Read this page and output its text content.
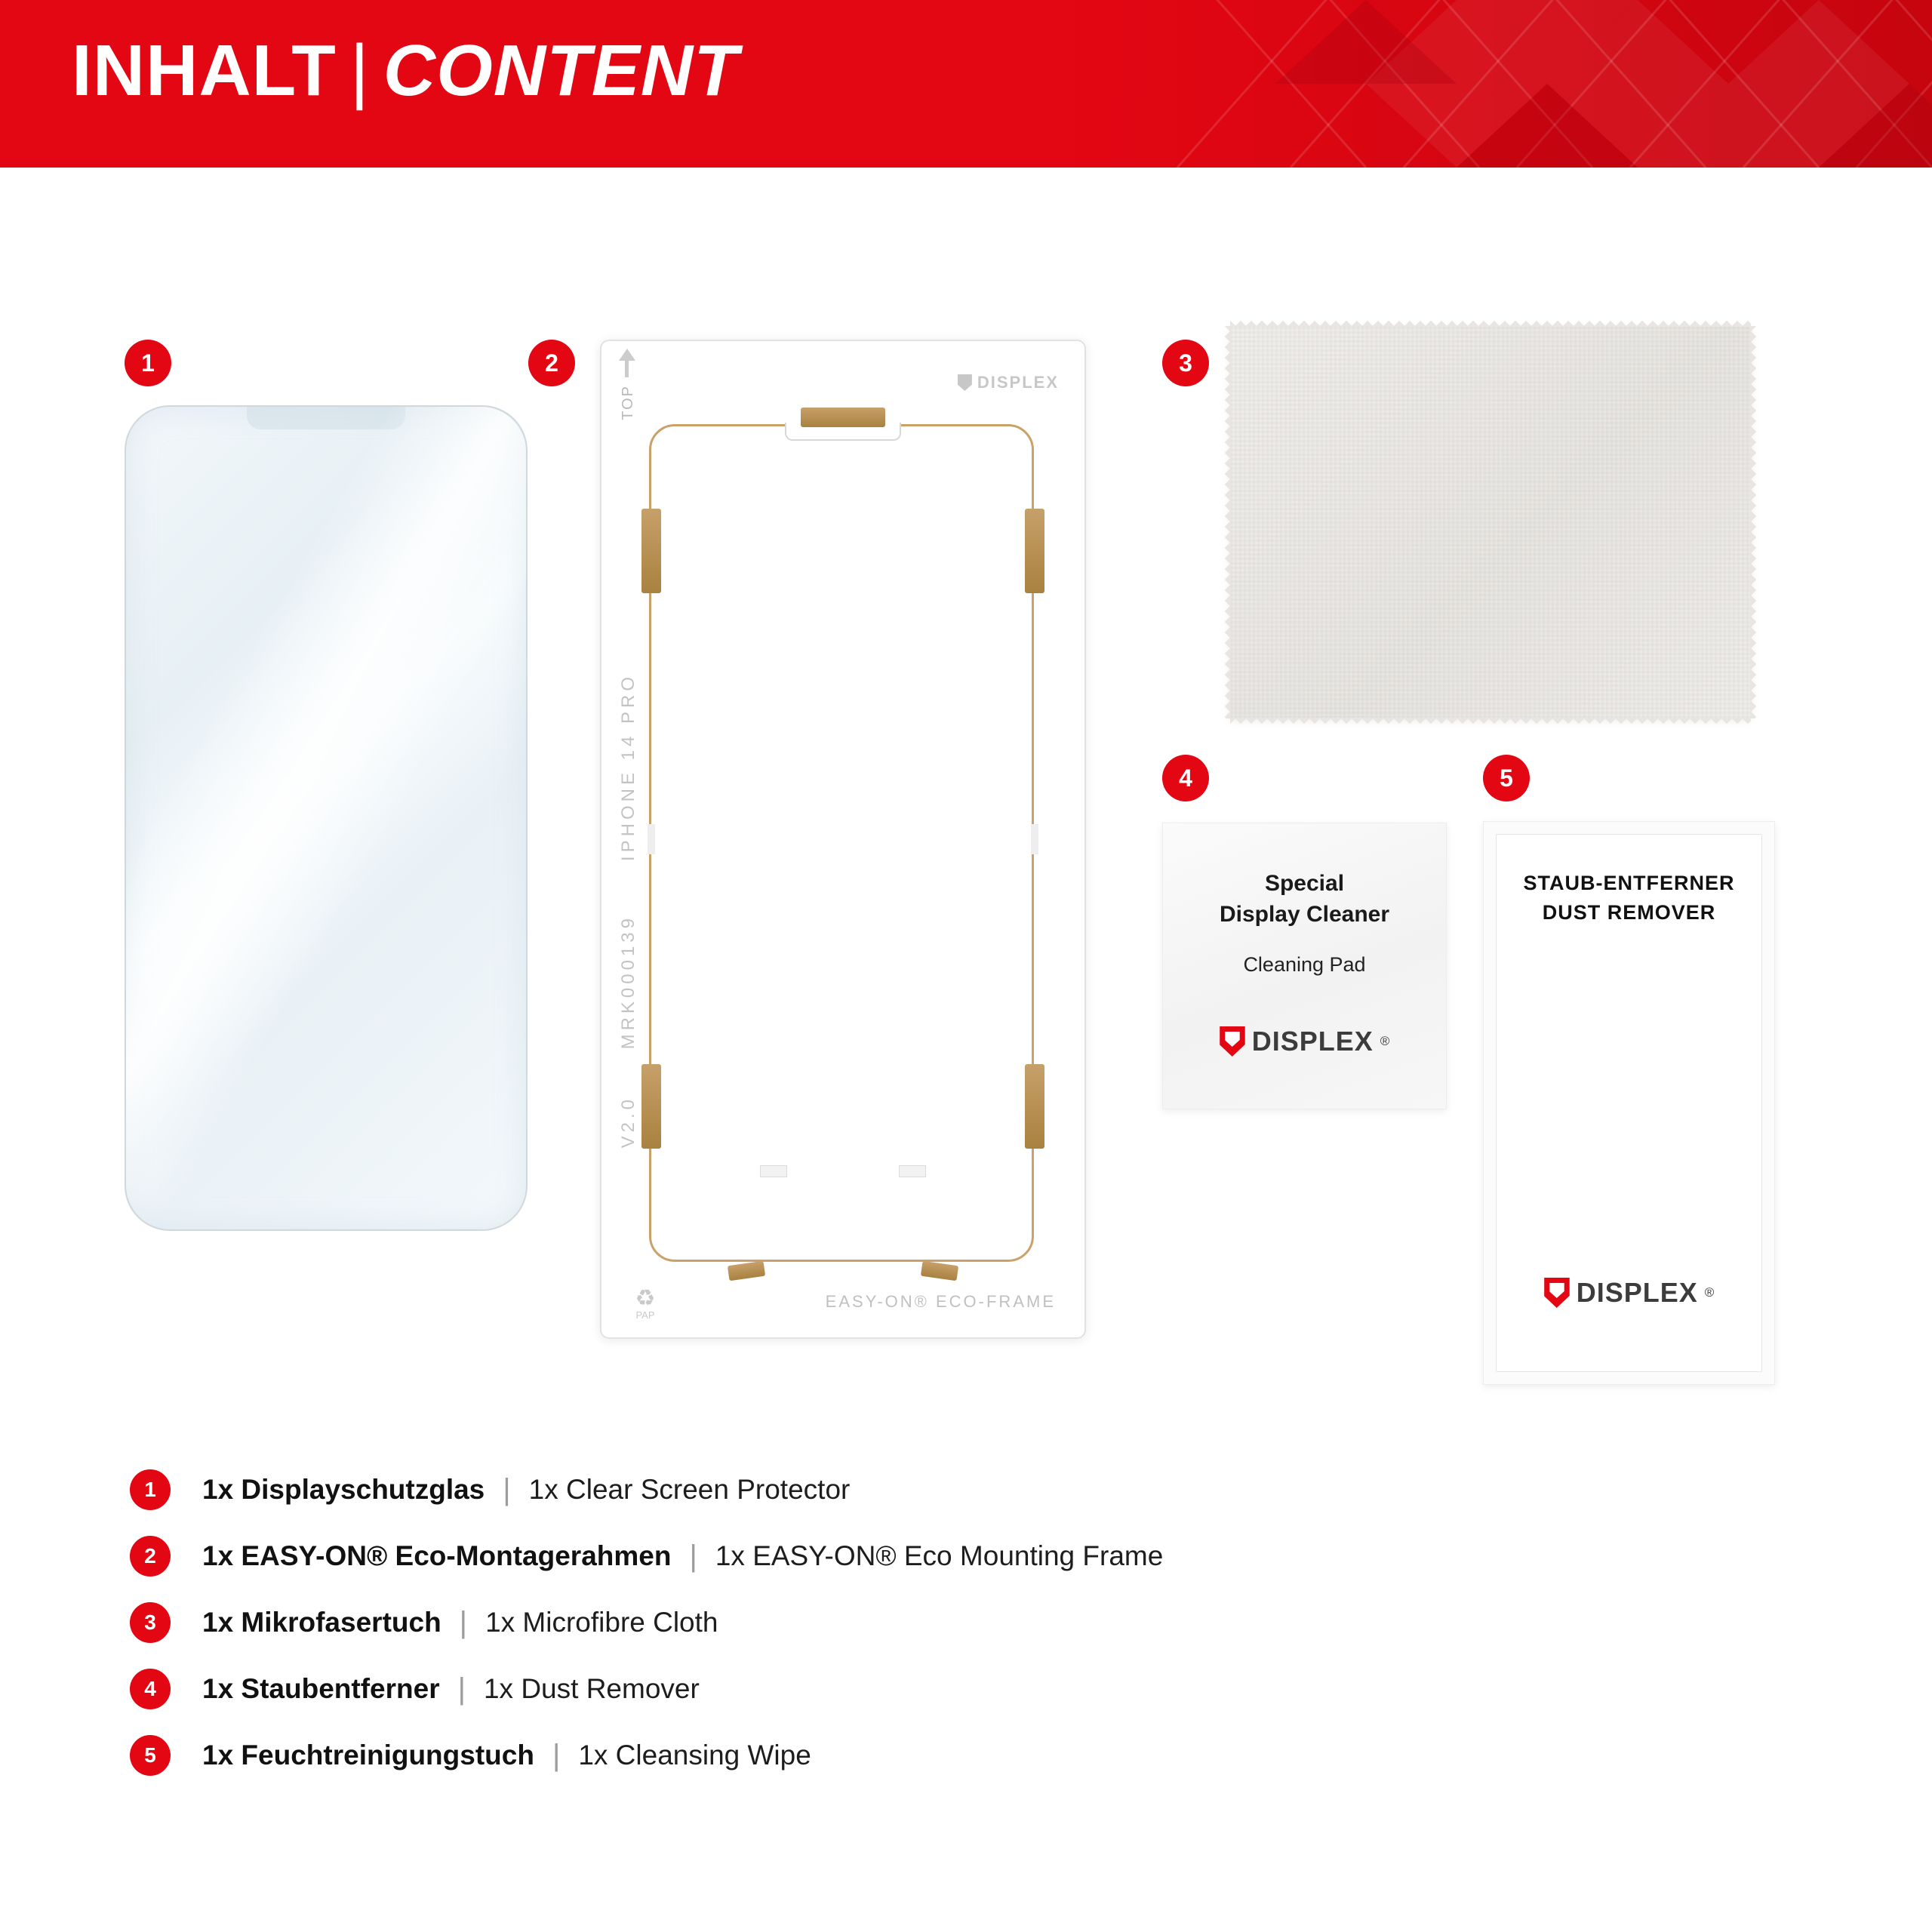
INHALT | CONTENT
1	2
TOP
DISPLEX
IPHONE 14 PRO
MRK000139
V2.0
♻
PAP
EASY-ON® ECO-FRAME
3
4
Special
Display Cleaner
Cleaning Pad
DISPLEX ®
5
STAUB-ENTFERNER
DUST REMOVER
DISPLEX ®
1	1x Displayschutzglas | 1x Clear Screen Protector
2	1x EASY-ON® Eco-Montagerahmen | 1x EASY-ON® Eco Mounting Frame
3	1x Mikrofasertuch | 1x Microfibre Cloth
4	1x Staubentferner | 1x Dust Remover
5	1x Feuchtreinigungstuch | 1x Cleansing Wipe
